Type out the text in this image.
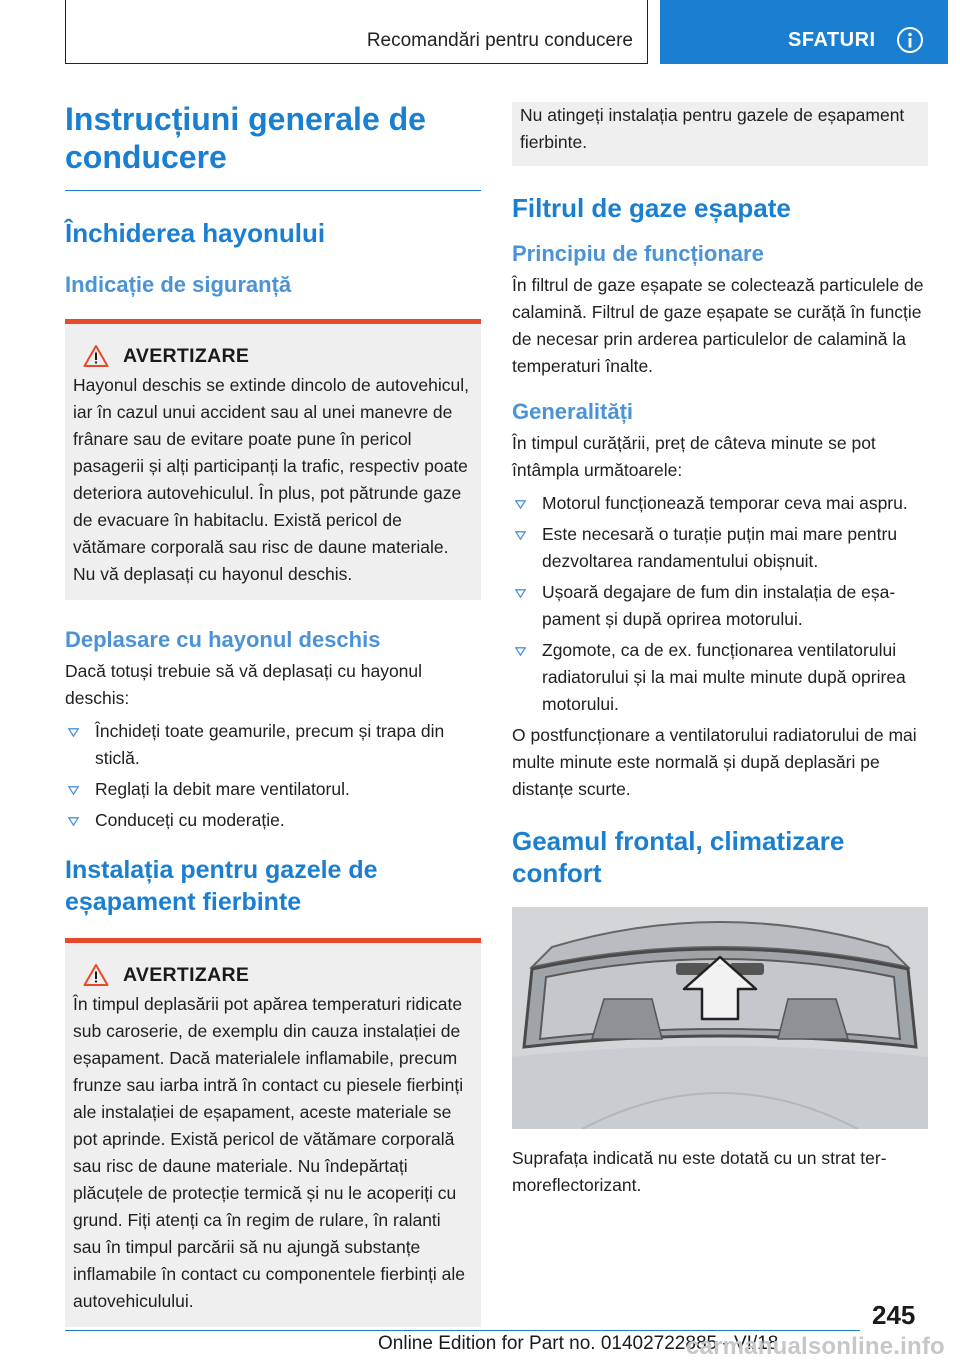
Recomandări pentru conducere	SFATURI
Instrucțiuni generale de conducere
Închiderea hayonului
Indicație de siguranță
AVERTIZARE

Hayonul deschis se extinde dincolo de autovehicul, iar în cazul unui accident sau al unei manevre de frânare sau de evitare poate pune în pericol pasagerii și alți participanți la trafic, respectiv poate deteriora autovehiculul. În plus, pot pătrunde gaze de evacuare în habitaclu. Există pericol de vătămare corporală sau risc de daune materiale. Nu vă deplasați cu hayonul deschis.

Deplasare cu hayonul deschis

Dacă totuși trebuie să vă deplasați cu hayonul deschis:

Închideți toate geamurile, precum și trapa din sticlă.
Reglați la debit mare ventilatorul.
Conduceți cu moderație.
Instalația pentru gazele de eșapament fierbinte
AVERTIZARE

În timpul deplasării pot apărea temperaturi ridicate sub caroserie, de exemplu din cauza instalației de eșapament. Dacă materialele inflamabile, precum frunze sau iarba intră în contact cu piesele fierbinți ale instalației de eșapament, aceste materiale se pot aprinde. Există pericol de vătămare corporală sau risc de daune materiale. Nu îndepărtați plăcuțele de protecție termică și nu le acoperiți cu grund. Fiți atenți ca în regim de rulare, în ralanti sau în timpul parcării să nu ajungă substanțe inflamabile în contact cu componentele fierbinți ale autovehiculului.

Nu atingeți instalația pentru gazele de eșapament fierbinte.

Filtrul de gaze eșapate
Principiu de funcționare

În filtrul de gaze eșapate se colectează particulele de calamină. Filtrul de gaze eșapate se curăță în funcție de necesar prin arderea particulelor de calamină la temperaturi înalte.

Generalități

În timpul curățării, preț de câteva minute se pot întâmpla următoarele:

Motorul funcționează temporar ceva mai aspru.
Este necesară o turație puțin mai mare pentru dezvoltarea randamentului obișnuit.
Ușoară degajare de fum din instalația de eșapament și după oprirea motorului.
Zgomote, ca de ex. funcționarea ventilatorului radiatorului și la mai multe minute după oprirea motorului.

O postfuncționare a ventilatorului radiatorului de mai multe minute este normală și după deplasări pe distanțe scurte.

Geamul frontal, climatizare confort

Suprafața indicată nu este dotată cu un strat termoreflectorizant.

245
Online Edition for Part no. 01402722885 - VI/18
carmanualsonline.info
